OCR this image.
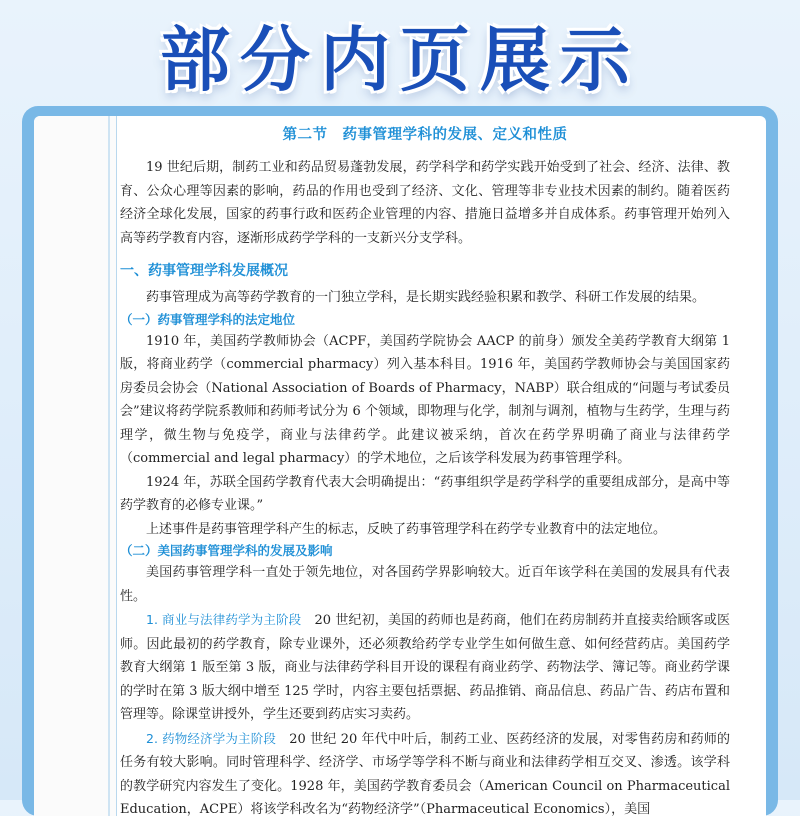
部分内页展示
第二节　药事管理学科的发展、定义和性质

19 世纪后期，制药工业和药品贸易蓬勃发展，药学科学和药学实践开始受到了社会、经济、法律、教育、公众心理等因素的影响，药品的作用也受到了经济、文化、管理等非专业技术因素的制约。随着医药经济全球化发展，国家的药事行政和医药企业管理的内容、措施日益增多并自成体系。药事管理开始列入高等药学教育内容，逐渐形成药学学科的一支新兴分支学科。

一、药事管理学科发展概况

药事管理成为高等药学教育的一门独立学科，是长期实践经验积累和教学、科研工作发展的结果。

（一）药事管理学科的法定地位

1910 年，美国药学教师协会（ACPF，美国药学院协会 AACP 的前身）颁发全美药学教育大纲第 1 版，将商业药学（commercial pharmacy）列入基本科目。1916 年，美国药学教师协会与美国国家药房委员会协会（National Association of Boards of Pharmacy，NABP）联合组成的“问题与考试委员会”建议将药学院系教师和药师考试分为 6 个领域，即物理与化学，制剂与调剂，植物与生药学，生理与药理学，微生物与免疫学，商业与法律药学。此建议被采纳，首次在药学界明确了商业与法律药学（commercial and legal pharmacy）的学术地位，之后该学科发展为药事管理学科。

1924 年，苏联全国药学教育代表大会明确提出：“药事组织学是药学科学的重要组成部分，是高中等药学教育的必修专业课。”

上述事件是药事管理学科产生的标志，反映了药事管理学科在药学专业教育中的法定地位。

（二）美国药事管理学科的发展及影响

美国药事管理学科一直处于领先地位，对各国药学界影响较大。近百年该学科在美国的发展具有代表性。

1. 商业与法律药学为主阶段　20 世纪初，美国的药师也是药商，他们在药房制药并直接卖给顾客或医师。因此最初的药学教育，除专业课外，还必须教给药学专业学生如何做生意、如何经营药店。美国药学教育大纲第 1 版至第 3 版，商业与法律药学科目开设的课程有商业药学、药物法学、簿记等。商业药学课的学时在第 3 版大纲中增至 125 学时，内容主要包括票据、药品推销、商品信息、药品广告、药店布置和管理等。除课堂讲授外，学生还要到药店实习卖药。

2. 药物经济学为主阶段　20 世纪 20 年代中叶后，制药工业、医药经济的发展，对零售药房和药师的任务有较大影响。同时管理科学、经济学、市场学等学科不断与商业和法律药学相互交叉、渗透。该学科的教学研究内容发生了变化。1928 年，美国药学教育委员会（American Council on Pharmaceutical Education，ACPE）将该学科改名为“药物经济学”（Pharmaceutical Economics），美国
